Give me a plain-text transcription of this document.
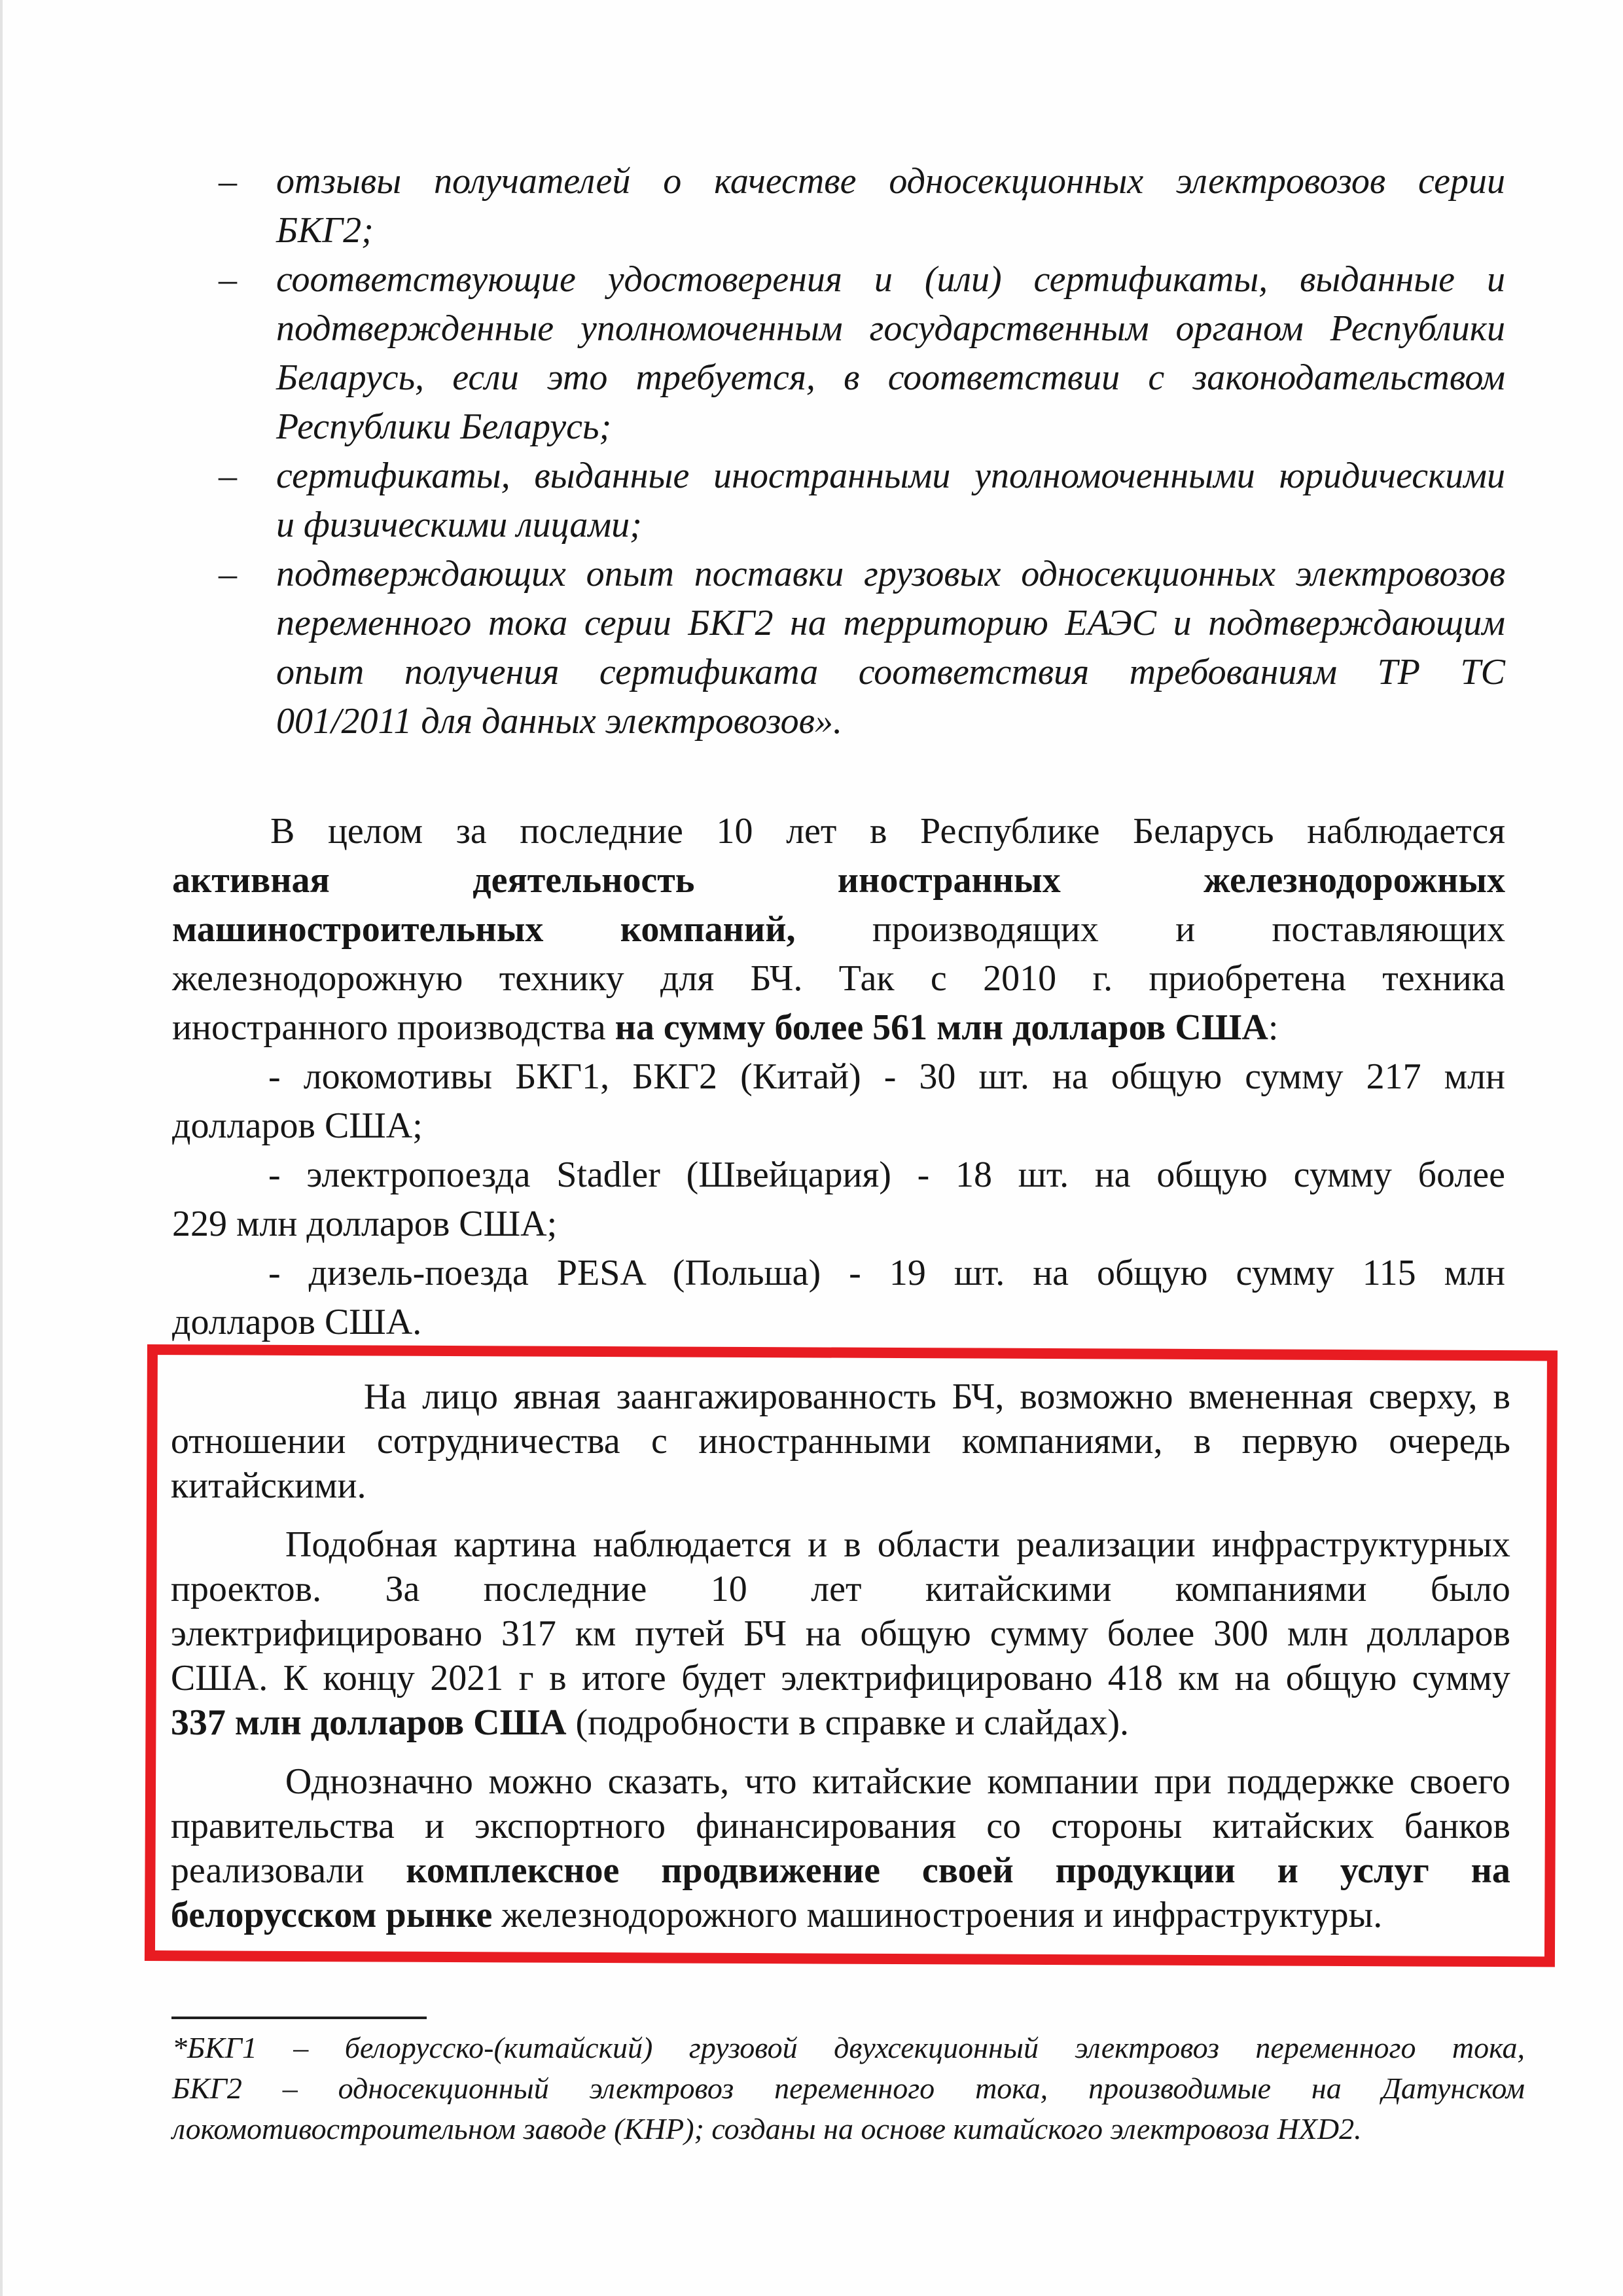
–	отзывы получателей о качестве односекционных электровозов серии
БКГ2;
–	соответствующие удостоверения и (или) сертификаты, выданные и
подтвержденные уполномоченным государственным органом Республики
Беларусь, если это требуется, в соответствии с законодательством
Республики Беларусь;
–	сертификаты, выданные иностранными уполномоченными юридическими
и физическими лицами;
–	подтверждающих опыт поставки грузовых односекционных электровозов
переменного тока серии БКГ2 на территорию ЕАЭС и подтверждающим
опыт получения сертификата соответствия требованиям ТР ТС
001/2011 для данных электровозов».
В целом за последние 10 лет в Республике Беларусь наблюдается
активная деятельность иностранных железнодорожных
машиностроительных компаний, производящих и поставляющих
железнодорожную технику для БЧ. Так с 2010 г. приобретена техника
иностранного производства на сумму более 561 млн долларов США:
- локомотивы БКГ1, БКГ2 (Китай) - 30 шт. на общую сумму 217 млн
долларов США;
- электропоезда Stadler (Швейцария) - 18 шт. на общую сумму более
229 млн долларов США;
- дизель-поезда PESA (Польша) - 19 шт. на общую сумму 115 млн
долларов США.
На лицо явная заангажированность БЧ, возможно вмененная сверху, в
отношении сотрудничества с иностранными компаниями, в первую очередь
китайскими.
Подобная картина наблюдается и в области реализации инфраструктурных
проектов. За последние 10 лет китайскими компаниями было
электрифицировано 317 км путей БЧ на общую сумму более 300 млн долларов
США. К концу 2021 г в итоге будет электрифицировано 418 км на общую сумму
337 млн долларов США (подробности в справке и слайдах).
Однозначно можно сказать, что китайские компании при поддержке своего
правительства и экспортного финансирования со стороны китайских банков
реализовали комплексное продвижение своей продукции и услуг на
белорусском рынке железнодорожного машиностроения и инфраструктуры.
*БКГ1 – белорусско-(китайский) грузовой двухсекционный электровоз переменного тока,
БКГ2 – односекционный электровоз переменного тока, производимые на Датунском
локомотивостроительном заводе (КНР); созданы на основе китайского электровоза HXD2.
